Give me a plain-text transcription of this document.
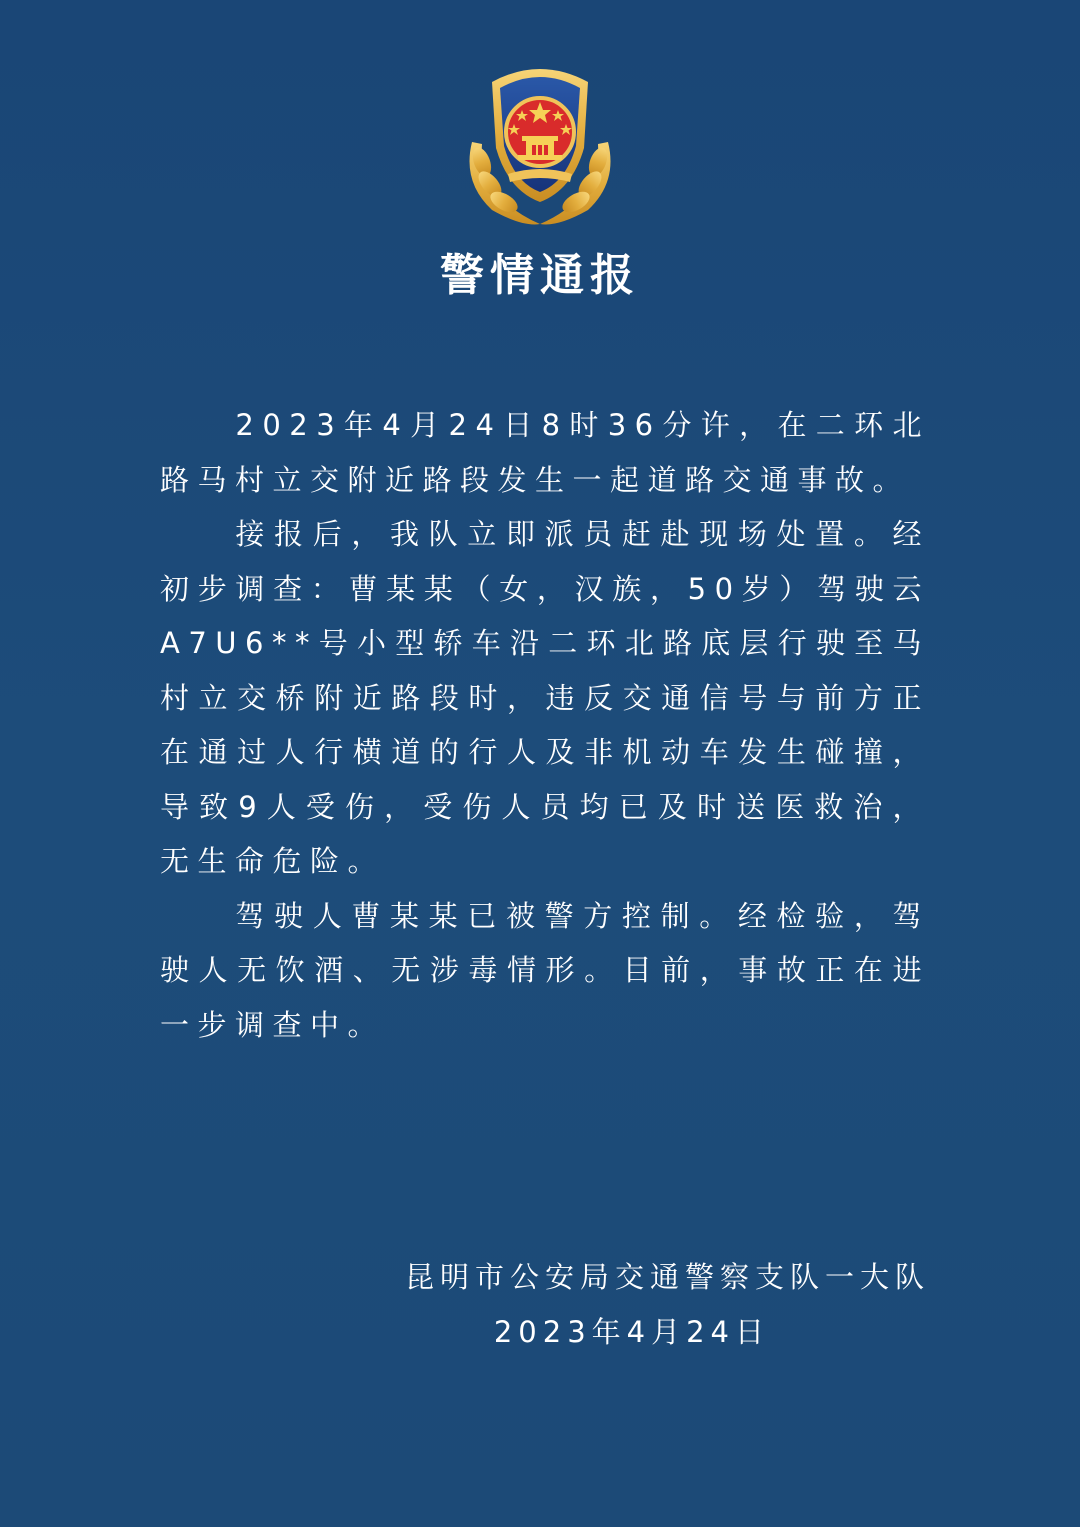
警情通报

2023年4月24日8时36分许，在二环北路马村立交附近路段发生一起道路交通事故。

接报后，我队立即派员赶赴现场处置。经初步调查：曹某某（女，汉族，50岁）驾驶云A7U6**号小型轿车沿二环北路底层行驶至马村立交桥附近路段时，违反交通信号与前方正在通过人行横道的行人及非机动车发生碰撞，导致9人受伤，受伤人员均已及时送医救治，无生命危险。

驾驶人曹某某已被警方控制。经检验，驾驶人无饮酒、无涉毒情形。目前，事故正在进一步调查中。

昆明市公安局交通警察支队一大队
2023年4月24日
